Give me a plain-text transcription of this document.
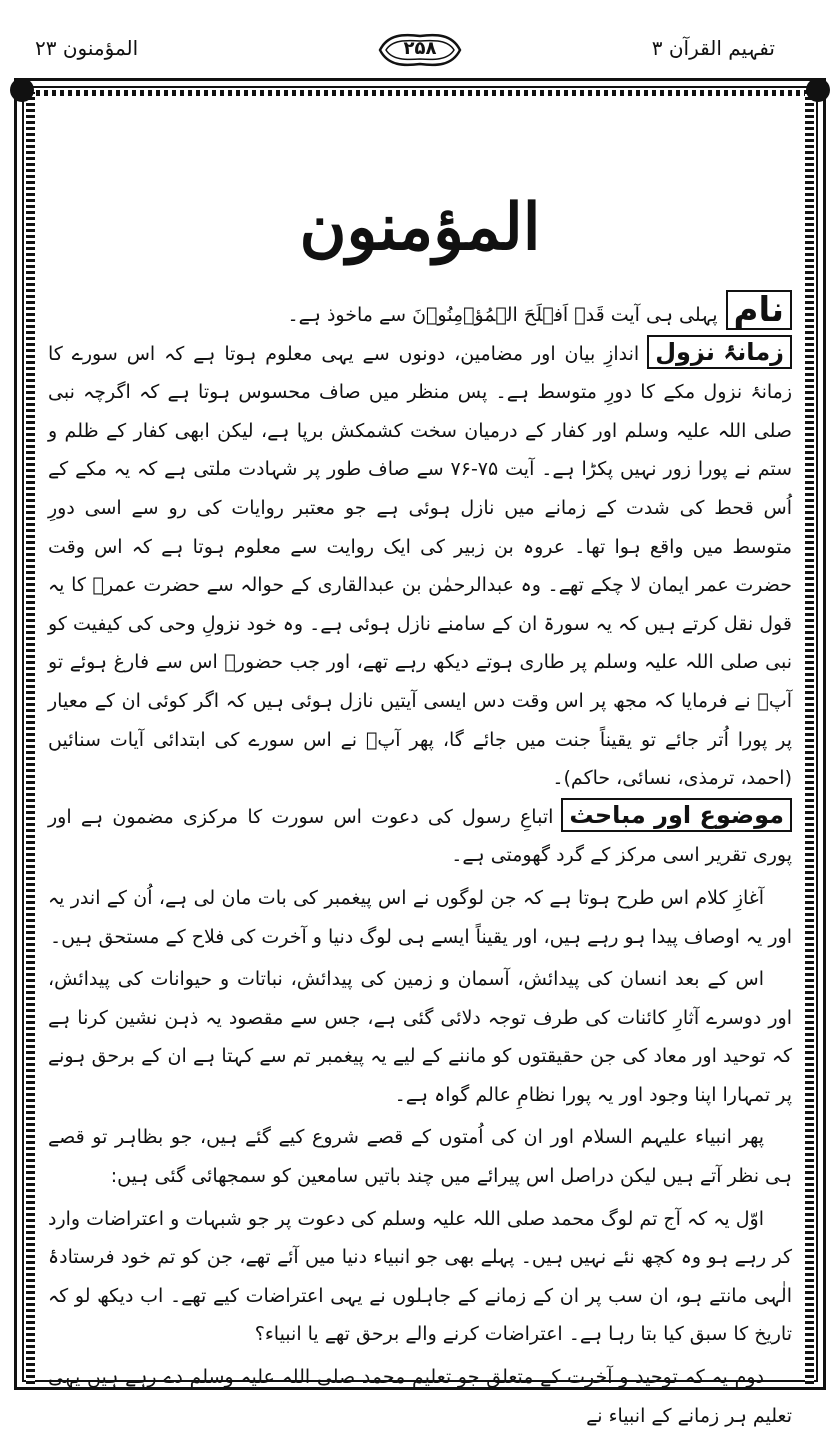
تفہیم القرآن ۳
۲۵۸
المؤمنون ۲۳
المؤمنون

نامپہلی ہی آیت قَدۡ اَفۡلَحَ الۡمُؤۡمِنُوۡنَ سے ماخوذ ہے۔

زمانۂ نزولاندازِ بیان اور مضامین، دونوں سے یہی معلوم ہوتا ہے کہ اس سورے کا زمانۂ نزول مکے کا دورِ متوسط ہے۔ پس منظر میں صاف محسوس ہوتا ہے کہ اگرچہ نبی صلی اللہ علیہ وسلم اور کفار کے درمیان سخت کشمکش برپا ہے، لیکن ابھی کفار کے ظلم و ستم نے پورا زور نہیں پکڑا ہے۔ آیت ۷۵-۷۶ سے صاف طور پر شہادت ملتی ہے کہ یہ مکے کے اُس قحط کی شدت کے زمانے میں نازل ہوئی ہے جو معتبر روایات کی رو سے اسی دورِ متوسط میں واقع ہوا تھا۔ عروہ بن زبیر کی ایک روایت سے معلوم ہوتا ہے کہ اس وقت حضرت عمر ایمان لا چکے تھے۔ وہ عبدالرحمٰن بن عبدالقاری کے حوالہ سے حضرت عمرؓ کا یہ قول نقل کرتے ہیں کہ یہ سورۃ ان کے سامنے نازل ہوئی ہے۔ وہ خود نزولِ وحی کی کیفیت کو نبی صلی اللہ علیہ وسلم پر طاری ہوتے دیکھ رہے تھے، اور جب حضورؐ اس سے فارغ ہوئے تو آپؐ نے فرمایا کہ مجھ پر اس وقت دس ایسی آیتیں نازل ہوئی ہیں کہ اگر کوئی ان کے معیار پر پورا اُتر جائے تو یقیناً جنت میں جائے گا، پھر آپؐ نے اس سورے کی ابتدائی آیات سنائیں (احمد، ترمذی، نسائی، حاکم)۔

موضوع اور مباحثاتباعِ رسول کی دعوت اس سورت کا مرکزی مضمون ہے اور پوری تقریر اسی مرکز کے گرد گھومتی ہے۔

آغازِ کلام اس طرح ہوتا ہے کہ جن لوگوں نے اس پیغمبر کی بات مان لی ہے، اُن کے اندر یہ اور یہ اوصاف پیدا ہو رہے ہیں، اور یقیناً ایسے ہی لوگ دنیا و آخرت کی فلاح کے مستحق ہیں۔

اس کے بعد انسان کی پیدائش، آسمان و زمین کی پیدائش، نباتات و حیوانات کی پیدائش، اور دوسرے آثارِ کائنات کی طرف توجہ دلائی گئی ہے، جس سے مقصود یہ ذہن نشین کرنا ہے کہ توحید اور معاد کی جن حقیقتوں کو ماننے کے لیے یہ پیغمبر تم سے کہتا ہے ان کے برحق ہونے پر تمہارا اپنا وجود اور یہ پورا نظامِ عالم گواہ ہے۔

پھر انبیاء علیہم السلام اور ان کی اُمتوں کے قصے شروع کیے گئے ہیں، جو بظاہر تو قصے ہی نظر آتے ہیں لیکن دراصل اس پیرائے میں چند باتیں سامعین کو سمجھائی گئی ہیں:

اوّل یہ کہ آج تم لوگ محمد صلی اللہ علیہ وسلم کی دعوت پر جو شبہات و اعتراضات وارد کر رہے ہو وہ کچھ نئے نہیں ہیں۔ پہلے بھی جو انبیاء دنیا میں آئے تھے، جن کو تم خود فرستادۂ الٰہی مانتے ہو، ان سب پر ان کے زمانے کے جاہلوں نے یہی اعتراضات کیے تھے۔ اب دیکھ لو کہ تاریخ کا سبق کیا بتا رہا ہے۔ اعتراضات کرنے والے برحق تھے یا انبیاء؟

دوم یہ کہ توحید و آخرت کے متعلق جو تعلیم محمد صلی اللہ علیہ وسلم دے رہے ہیں یہی تعلیم ہر زمانے کے انبیاء نے
